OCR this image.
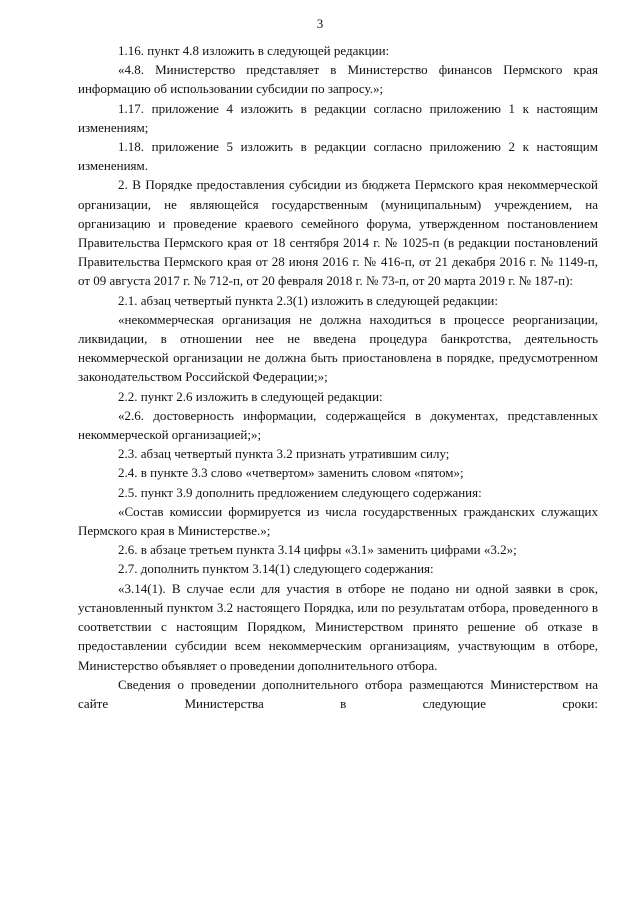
3

1.16. пункт 4.8 изложить в следующей редакции:

«4.8. Министерство представляет в Министерство финансов Пермского края информацию об использовании субсидии по запросу.»;

1.17. приложение 4 изложить в редакции согласно приложению 1 к настоящим изменениям;

1.18. приложение 5 изложить в редакции согласно приложению 2 к настоящим изменениям.

2. В Порядке предоставления субсидии из бюджета Пермского края некоммерческой организации, не являющейся государственным (муниципальным) учреждением, на организацию и проведение краевого семейного форума, утвержденном постановлением Правительства Пермского края от 18 сентября 2014 г. № 1025-п (в редакции постановлений Правительства Пермского края от 28 июня 2016 г. № 416-п, от 21 декабря 2016 г. № 1149-п, от 09 августа 2017 г. № 712-п, от 20 февраля 2018 г. № 73-п, от 20 марта 2019 г. № 187-п):

2.1. абзац четвертый пункта 2.3(1) изложить в следующей редакции:

«некоммерческая организация не должна находиться в процессе реорганизации, ликвидации, в отношении нее не введена процедура банкротства, деятельность некоммерческой организации не должна быть приостановлена в порядке, предусмотренном законодательством Российской Федерации;»;

2.2. пункт 2.6 изложить в следующей редакции:

«2.6. достоверность информации, содержащейся в документах, представленных некоммерческой организацией;»;

2.3. абзац четвертый пункта 3.2 признать утратившим силу;

2.4. в пункте 3.3 слово «четвертом» заменить словом «пятом»;

2.5. пункт 3.9 дополнить предложением следующего содержания:

«Состав комиссии формируется из числа государственных гражданских служащих Пермского края в Министерстве.»;

2.6. в абзаце третьем пункта 3.14 цифры «3.1» заменить цифрами «3.2»;

2.7. дополнить пунктом 3.14(1) следующего содержания:

«3.14(1). В случае если для участия в отборе не подано ни одной заявки в срок, установленный пунктом 3.2 настоящего Порядка, или по результатам отбора, проведенного в соответствии с настоящим Порядком, Министерством принято решение об отказе в предоставлении субсидии всем некоммерческим организациям, участвующим в отборе, Министерство объявляет о проведении дополнительного отбора.

Сведения о проведении дополнительного отбора размещаются Министерством на сайте Министерства в следующие сроки:
